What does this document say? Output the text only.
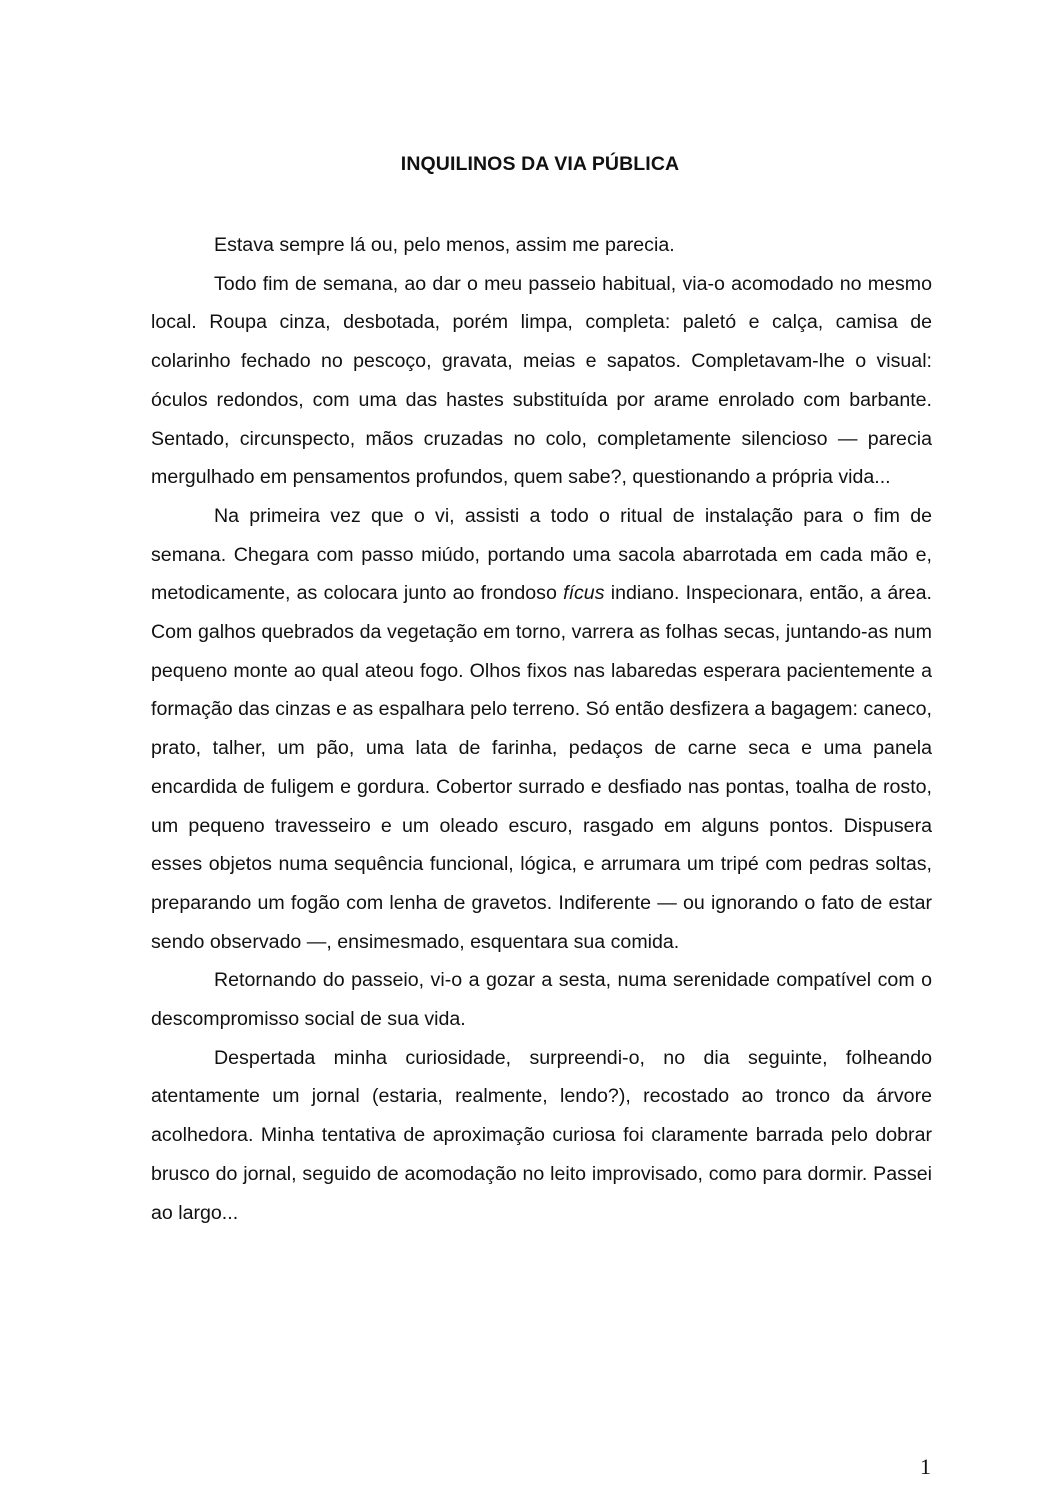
INQUILINOS DA VIA PÚBLICA

Estava sempre lá ou, pelo menos, assim me parecia.

Todo fim de semana, ao dar o meu passeio habitual, via-o acomodado no mesmo local. Roupa cinza, desbotada, porém limpa, completa: paletó e calça, camisa de colarinho fechado no pescoço, gravata, meias e sapatos. Completavam-lhe o visual: óculos redondos, com uma das hastes substituída por arame enrolado com barbante. Sentado, circunspecto, mãos cruzadas no colo, completamente silencioso — parecia mergulhado em pensamentos profundos, quem sabe?, questionando a própria vida...

Na primeira vez que o vi, assisti a todo o ritual de instalação para o fim de semana. Chegara com passo miúdo, portando uma sacola abarrotada em cada mão e, metodicamente, as colocara junto ao frondoso fícus indiano. Inspecionara, então, a área. Com galhos quebrados da vegetação em torno, varrera as folhas secas, juntando-as num pequeno monte ao qual ateou fogo. Olhos fixos nas labaredas esperara pacientemente a formação das cinzas e as espalhara pelo terreno. Só então desfizera a bagagem: caneco, prato, talher, um pão, uma lata de farinha, pedaços de carne seca e uma panela encardida de fuligem e gordura. Cobertor surrado e desfiado nas pontas, toalha de rosto, um pequeno travesseiro e um oleado escuro, rasgado em alguns pontos. Dispusera esses objetos numa sequência funcional, lógica, e arrumara um tripé com pedras soltas, preparando um fogão com lenha de gravetos. Indiferente — ou ignorando o fato de estar sendo observado —, ensimesmado, esquentara sua comida.

Retornando do passeio, vi-o a gozar a sesta, numa serenidade compatível com o descompromisso social de sua vida.

Despertada minha curiosidade, surpreendi-o, no dia seguinte, folheando atentamente um jornal (estaria, realmente, lendo?), recostado ao tronco da árvore acolhedora. Minha tentativa de aproximação curiosa foi claramente barrada pelo dobrar brusco do jornal, seguido de acomodação no leito improvisado, como para dormir. Passei ao largo...

1
